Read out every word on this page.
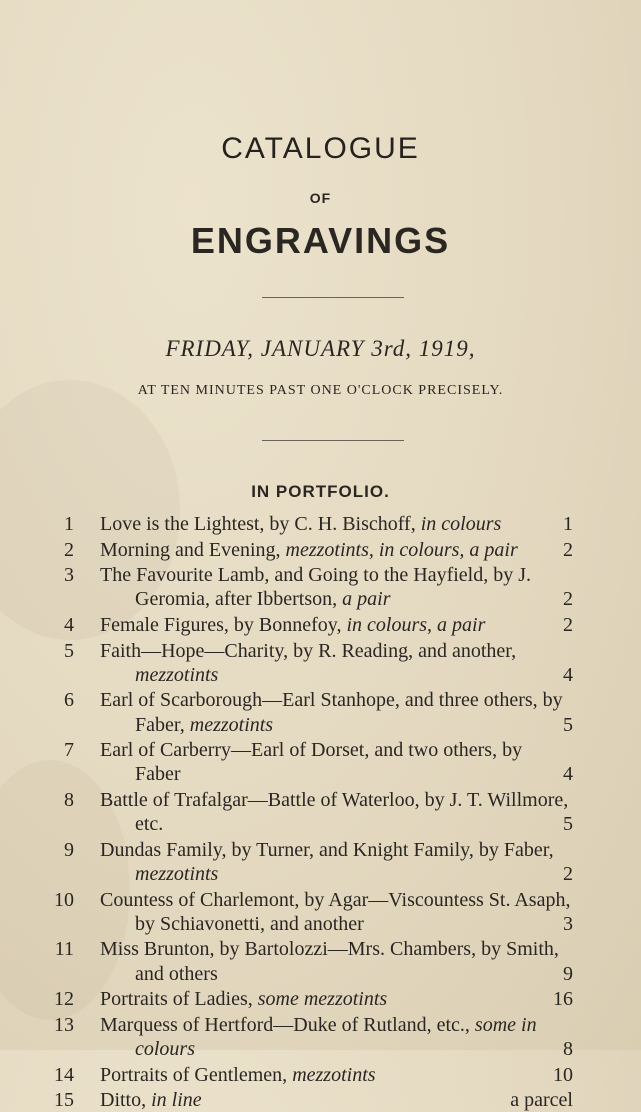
CATALOGUE
OF
ENGRAVINGS
FRIDAY, JANUARY 3rd, 1919,
AT TEN MINUTES PAST ONE O'CLOCK PRECISELY.
IN PORTFOLIO.
1 Love is the Lightest, by C. H. Bischoff, in colours	1
2 Morning and Evening, mezzotints, in colours, a pair	2
3 The Favourite Lamb, and Going to the Hayfield, by J.
Geromia, after Ibbertson, a pair	2
4 Female Figures, by Bonnefoy, in colours, a pair	2
5 Faith—Hope—Charity, by R. Reading, and another,
mezzotints	4
6 Earl of Scarborough—Earl Stanhope, and three others, by
Faber, mezzotints	5
7 Earl of Carberry—Earl of Dorset, and two others, by
Faber	4
8 Battle of Trafalgar—Battle of Waterloo, by J. T. Willmore,
etc.	5
9 Dundas Family, by Turner, and Knight Family, by Faber,
mezzotints	2
10 Countess of Charlemont, by Agar—Viscountess St. Asaph,
by Schiavonetti, and another	3
11 Miss Brunton, by Bartolozzi—Mrs. Chambers, by Smith,
and others	9
12 Portraits of Ladies, some mezzotints	16
13 Marquess of Hertford—Duke of Rutland, etc., some in
colours	8
14 Portraits of Gentlemen, mezzotints	10
15 Ditto, in line	a parcel
